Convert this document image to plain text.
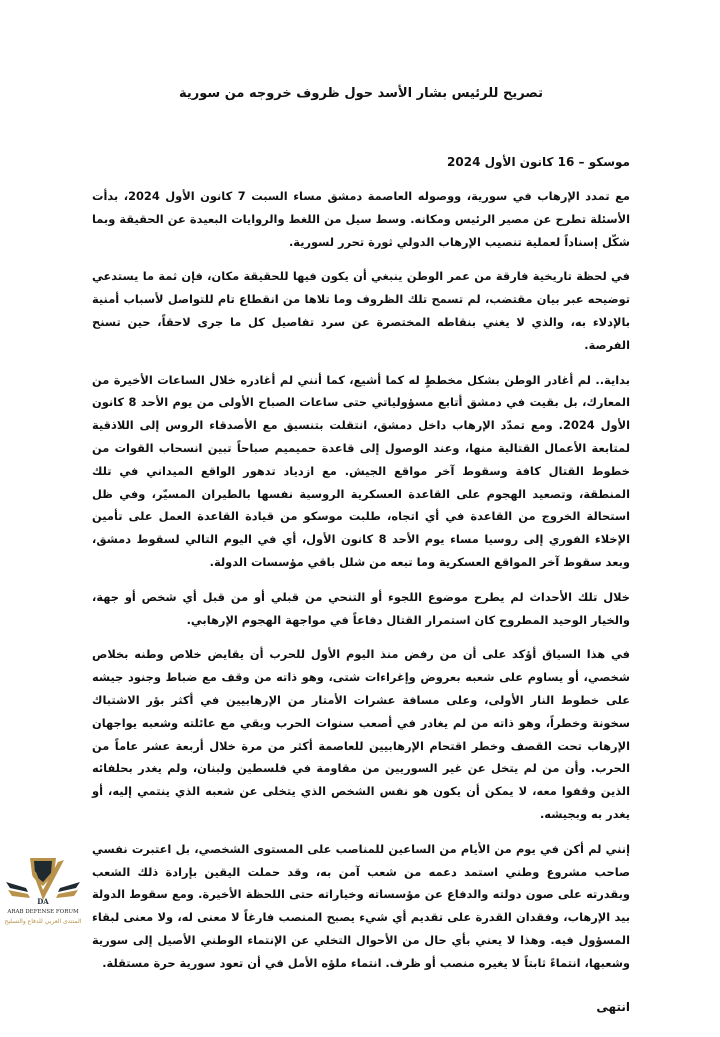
تصريح للرئيس بشار الأسد حول ظروف خروجه من سورية
موسكو – 16 كانون الأول 2024

مع تمدد الإرهاب في سورية، ووصوله العاصمة دمشق مساء السبت 7 كانون الأول 2024، بدأت الأسئلة تطرح عن مصير الرئيس ومكانه. وسط سيل من اللغط والروايات البعيدة عن الحقيقة وبما شكّل إسناداً لعملية تنصيب الإرهاب الدولي ثورة تحرر لسورية.

في لحظة تاريخية فارقة من عمر الوطن ينبغي أن يكون فيها للحقيقة مكان، فإن ثمة ما يستدعي توضيحه عبر بيان مقتضب، لم تسمح تلك الظروف وما تلاها من انقطاع تام للتواصل لأسباب أمنية بالإدلاء به، والذي لا يغني بنقاطه المختصرة عن سرد تفاصيل كل ما جرى لاحقاً، حين تسنح الفرصة.

بداية.. لم أغادر الوطن بشكل مخططٍ له كما أشيع، كما أنني لم أغادره خلال الساعات الأخيرة من المعارك، بل بقيت في دمشق أتابع مسؤولياتي حتى ساعات الصباح الأولى من يوم الأحد 8 كانون الأول 2024. ومع تمدّد الإرهاب داخل دمشق، انتقلت بتنسيق مع الأصدقاء الروس إلى اللاذقية لمتابعة الأعمال القتالية منها، وعند الوصول إلى قاعدة حميميم صباحاً تبين انسحاب القوات من خطوط القتال كافة وسقوط آخر مواقع الجيش. مع ازدياد تدهور الواقع الميداني في تلك المنطقة، وتصعيد الهجوم على القاعدة العسكرية الروسية نفسها بالطيران المسيّر، وفي ظل استحالة الخروج من القاعدة في أي اتجاه، طلبت موسكو من قيادة القاعدة العمل على تأمين الإخلاء الفوري إلى روسيا مساء يوم الأحد 8 كانون الأول، أي في اليوم التالي لسقوط دمشق، وبعد سقوط آخر المواقع العسكرية وما تبعه من شلل باقي مؤسسات الدولة.

خلال تلك الأحداث لم يطرح موضوع اللجوء أو التنحي من قبلي أو من قبل أي شخص أو جهة، والخيار الوحيد المطروح كان استمرار القتال دفاعاً في مواجهة الهجوم الإرهابي.

في هذا السياق أؤكد على أن من رفض منذ اليوم الأول للحرب أن يقايض خلاص وطنه بخلاص شخصي، أو يساوم على شعبه بعروض وإغراءات شتى، وهو ذاته من وقف مع ضباط وجنود جيشه على خطوط النار الأولى، وعلى مسافة عشرات الأمتار من الإرهابيين في أكثر بؤر الاشتباك سخونة وخطراً، وهو ذاته من لم يغادر في أصعب سنوات الحرب وبقي مع عائلته وشعبه يواجهان الإرهاب تحت القصف وخطر اقتحام الإرهابيين للعاصمة أكثر من مرة خلال أربعة عشر عاماً من الحرب. وأن من لم يتخل عن غير السوريين من مقاومة في فلسطين ولبنان، ولم يغدر بحلفائه الذين وقفوا معه، لا يمكن أن يكون هو نفس الشخص الذي يتخلى عن شعبه الذي ينتمي إليه، أو يغدر به وبجيشه.

إنني لم أكن في يوم من الأيام من الساعين للمناصب على المستوى الشخصي، بل اعتبرت نفسي صاحب مشروع وطني استمد دعمه من شعب آمن به، وقد حملت اليقين بإرادة ذلك الشعب وبقدرته على صون دولته والدفاع عن مؤسساته وخياراته حتى اللحظة الأخيرة. ومع سقوط الدولة بيد الإرهاب، وفقدان القدرة على تقديم أي شيء يصبح المنصب فارغاً لا معنى له، ولا معنى لبقاء المسؤول فيه. وهذا لا يعني بأي حال من الأحوال التخلي عن الإنتماء الوطني الأصيل إلى سورية وشعبها، انتماءً ثابتاً لا يغيره منصب أو ظرف. انتماء ملؤه الأمل في أن تعود سورية حرة مستقلة.

انتهى
DA
ARAB DEFENSE FORUM
المنتدى العربي للدفاع والتسليح
